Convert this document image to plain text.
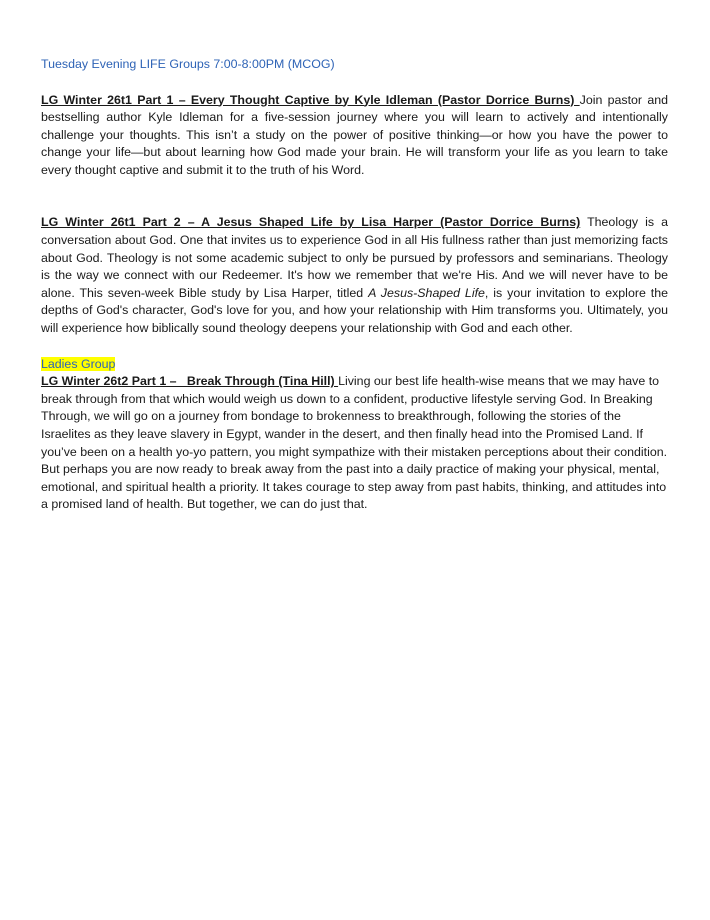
Tuesday Evening LIFE Groups 7:00-8:00PM (MCOG)

LG Winter 26t1 Part 1 – Every Thought Captive by Kyle Idleman (Pastor Dorrice Burns) Join pastor and bestselling author Kyle Idleman for a five-session journey where you will learn to actively and intentionally challenge your thoughts. This isn’t a study on the power of positive thinking—or how you have the power to change your life—but about learning how God made your brain. He will transform your life as you learn to take every thought captive and submit it to the truth of his Word.

LG Winter 26t1 Part 2 – A Jesus Shaped Life by Lisa Harper (Pastor Dorrice Burns) Theology is a conversation about God. One that invites us to experience God in all His fullness rather than just memorizing facts about God. Theology is not some academic subject to only be pursued by professors and seminarians. Theology is the way we connect with our Redeemer. It's how we remember that we're His. And we will never have to be alone. This seven-week Bible study by Lisa Harper, titled A Jesus-Shaped Life, is your invitation to explore the depths of God's character, God's love for you, and how your relationship with Him transforms you. Ultimately, you will experience how biblically sound theology deepens your relationship with God and each other.

Ladies Group

LG Winter 26t2 Part 1 –   Break Through (Tina Hill) Living our best life health-wise means that we may have to break through from that which would weigh us down to a confident, productive lifestyle serving God. In Breaking Through, we will go on a journey from bondage to brokenness to breakthrough, following the stories of the Israelites as they leave slavery in Egypt, wander in the desert, and then finally head into the Promised Land. If you’ve been on a health yo-yo pattern, you might sympathize with their mistaken perceptions about their condition. But perhaps you are now ready to break away from the past into a daily practice of making your physical, mental, emotional, and spiritual health a priority. It takes courage to step away from past habits, thinking, and attitudes into a promised land of health. But together, we can do just that.
